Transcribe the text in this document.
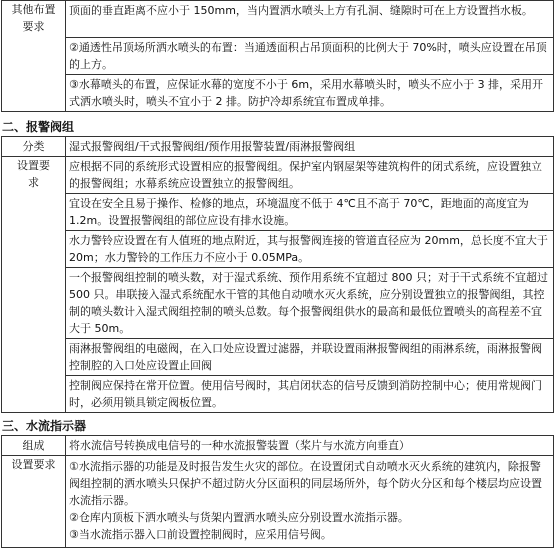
其他布置要求	顶面的垂直距离不应小于 150mm，当内置洒水喷头上方有孔洞、缝隙时可在上方设置挡水板。
②通透性吊顶场所洒水喷头的布置：当通透面积占吊顶面积的比例大于 70%时，喷头应设置在吊顶的上方。
③水幕喷头的布置，应保证水幕的宽度不小于 6m，采用水幕喷头时，喷头不应小于 3 排，采用开式洒水喷头时，喷头不宜小于 2 排。防护冷却系统宜布置成单排。
二、报警阀组
分类	湿式报警阀组/干式报警阀组/预作用报警装置/雨淋报警阀组
设置要求	应根据不同的系统形式设置相应的报警阀组。保护室内钢屋架等建筑构件的闭式系统，应设置独立的报警阀组；水幕系统应设置独立的报警阀组。
	宜设在安全且易于操作、检修的地点，环境温度不低于 4℃且不高于 70℃，距地面的高度宜为 1.2m。设置报警阀组的部位应设有排水设施。
	水力警铃应设置在有人值班的地点附近，其与报警阀连接的管道直径应为 20mm，总长度不宜大于 20m；水力警铃的工作压力不应小于 0.05MPa。
	一个报警阀组控制的喷头数，对于湿式系统、预作用系统不宜超过 800 只；对于干式系统不宜超过 500 只。串联接入湿式系统配水干管的其他自动喷水灭火系统，应分别设置独立的报警阀组，其控制的喷头数计入湿式阀组控制的喷头总数。每个报警阀组供水的最高和最低位置喷头的高程差不宜大于 50m。
	雨淋报警阀组的电磁阀，在入口处应设置过滤器，并联设置雨淋报警阀组的雨淋系统，雨淋报警阀控制腔的入口处应设置止回阀
	控制阀应保持在常开位置。使用信号阀时，其启闭状态的信号反馈到消防控制中心；使用常规阀门时，必须用锁具锁定阀板位置。
三、水流指示器
组成	将水流信号转换成电信号的一种水流报警装置（桨片与水流方向垂直）
设置要求	①水流指示器的功能是及时报告发生火灾的部位。在设置闭式自动喷水灭火系统的建筑内，除报警阀组控制的洒水喷头只保护不超过防火分区面积的同层场所外，每个防火分区和每个楼层均应设置水流指示器。
②仓库内顶板下洒水喷头与货架内置洒水喷头应分别设置水流指示器。
③当水流指示器入口前设置控制阀时，应采用信号阀。
